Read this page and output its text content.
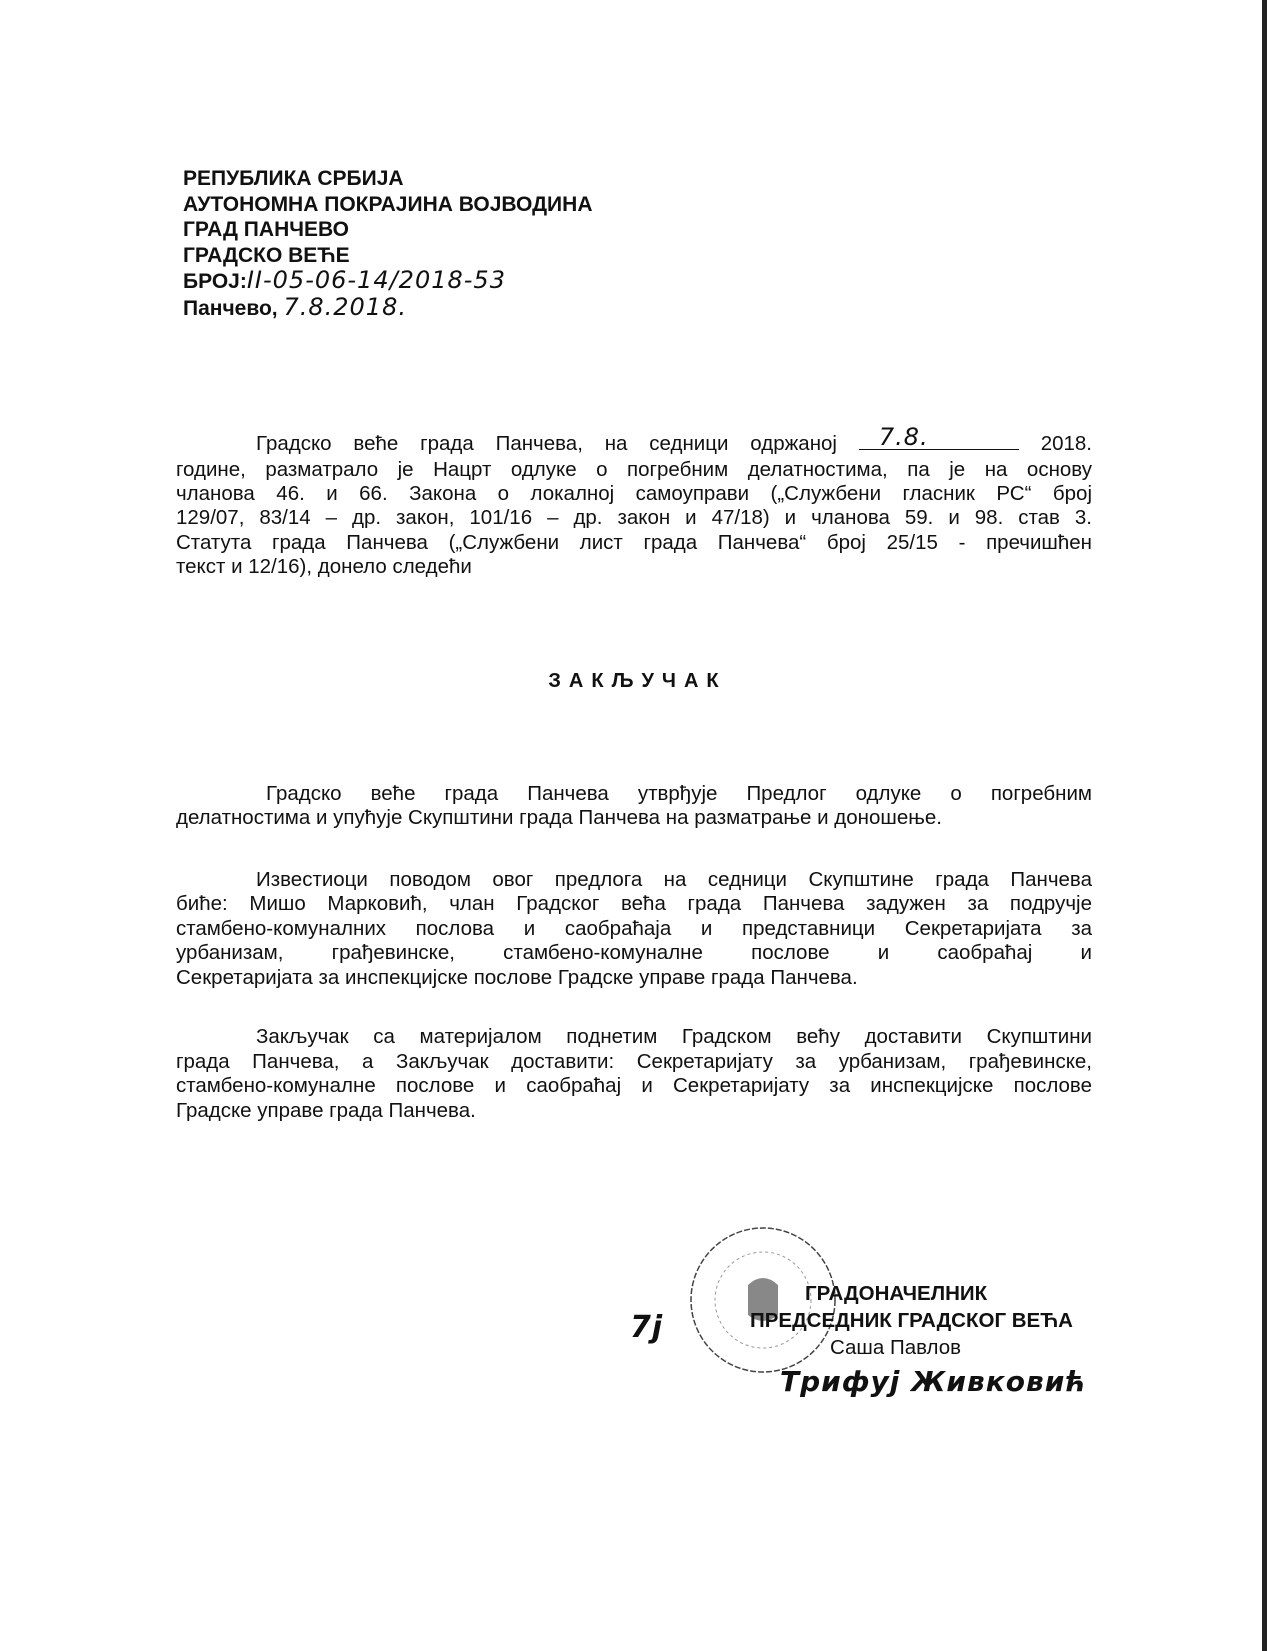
РЕПУБЛИКА СРБИЈА
АУТОНОМНА ПОКРАЈИНА ВОЈВОДИНА
ГРАД ПАНЧЕВО
ГРАДСКО ВЕЋЕ
БРОЈ:II-05-06-14/2018-53
Панчево, 7.8.2018.
Градско веће града Панчева, на седници одржаној 7.8.	2018.
године, разматрало је Нацрт одлуке о погребним делатностима, па је на основу
чланова 46. и 66. Закона о локалној самоуправи („Службени гласник РС“ број
129/07, 83/14 – др. закон, 101/16 – др. закон и 47/18) и чланова 59. и 98. став 3.
Статута града Панчева („Службени лист града Панчева“ број 25/15 - пречишћен
текст и 12/16), донело следећи
ЗАКЉУЧАК
Градско веће града Панчева утврђује Предлог одлуке о погребним
делатностима и упућује Скупштини града Панчева на разматрање и доношење.
Известиоци поводом овог предлога на седници Скупштине града Панчева
биће: Мишо Марковић, члан Градског већа града Панчева задужен за подручје
стамбено-комуналних послова и саобраћаја и представници Секретаријата за
урбанизам, грађевинске, стамбено-комуналне послове и саобраћај и
Секретаријата за инспекцијске послове Градске управе града Панчева.
Закључак са материјалом поднетим Градском већу доставити Скупштини
града Панчева, а Закључак доставити: Секретаријату за урбанизам, грађевинске,
стамбено-комуналне послове и саобраћај и Секретаријату за инспекцијске послове
Градске управе града Панчева.
ГРАДОНАЧЕЛНИК
ПРЕДСЕДНИК ГРАДСКОГ ВЕЋА
Саша Павлов
7j
Трифуј Живковић
